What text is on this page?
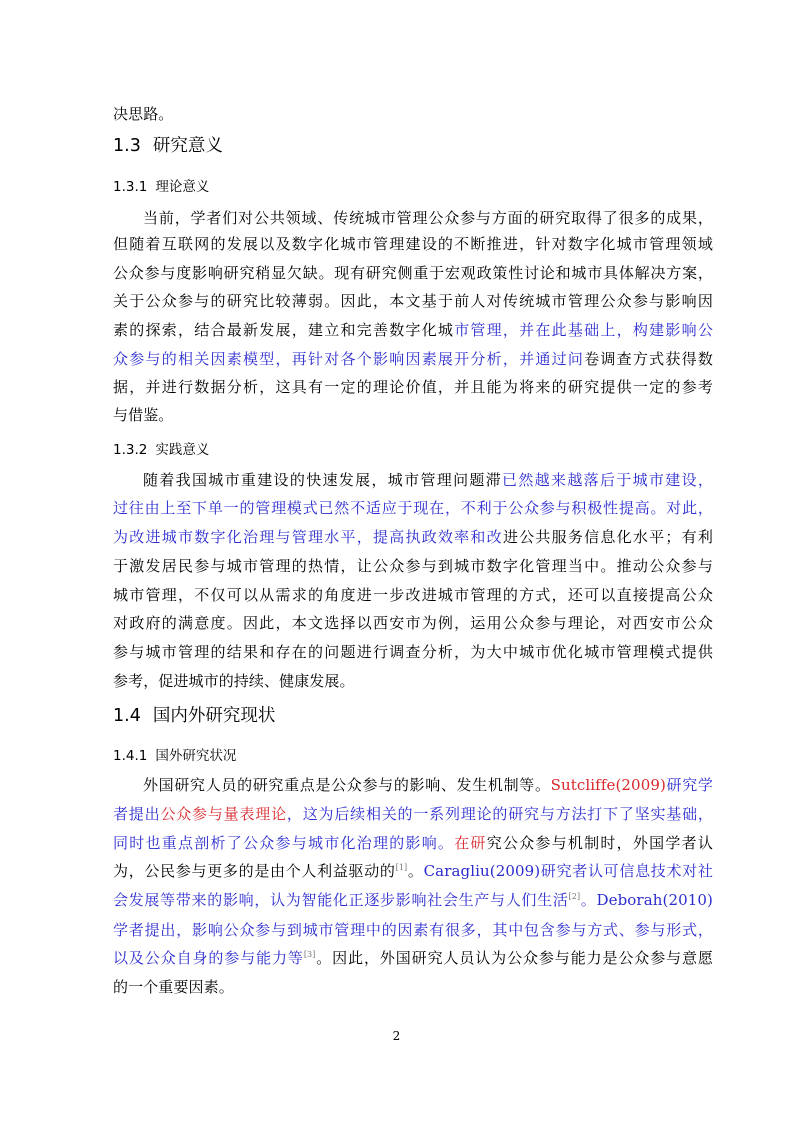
决思路。
1.3 研究意义
1.3.1 理论意义
当前，学者们对公共领域、传统城市管理公众参与方面的研究取得了很多的成果，
但随着互联网的发展以及数字化城市管理建设的不断推进，针对数字化城市管理领域
公众参与度影响研究稍显欠缺。现有研究侧重于宏观政策性讨论和城市具体解决方案，
关于公众参与的研究比较薄弱。因此，本文基于前人对传统城市管理公众参与影响因
素的探索，结合最新发展，建立和完善数字化城市管理，并在此基础上，构建影响公
众参与的相关因素模型，再针对各个影响因素展开分析，并通过问卷调查方式获得数
据，并进行数据分析，这具有一定的理论价值，并且能为将来的研究提供一定的参考
与借鉴。
1.3.2 实践意义
随着我国城市重建设的快速发展，城市管理问题滞已然越来越落后于城市建设，
过往由上至下单一的管理模式已然不适应于现在，不利于公众参与积极性提高。对此，
为改进城市数字化治理与管理水平，提高执政效率和改进公共服务信息化水平；有利
于激发居民参与城市管理的热情，让公众参与到城市数字化管理当中。推动公众参与
城市管理，不仅可以从需求的角度进一步改进城市管理的方式，还可以直接提高公众
对政府的满意度。因此，本文选择以西安市为例，运用公众参与理论，对西安市公众
参与城市管理的结果和存在的问题进行调查分析，为大中城市优化城市管理模式提供
参考，促进城市的持续、健康发展。
1.4 国内外研究现状
1.4.1 国外研究状况
外国研究人员的研究重点是公众参与的影响、发生机制等。Sutcliffe(2009)研究学
者提出公众参与量表理论，这为后续相关的一系列理论的研究与方法打下了坚实基础，
同时也重点剖析了公众参与城市化治理的影响。在研究公众参与机制时，外国学者认
为，公民参与更多的是由个人利益驱动的[1]。Caragliu(2009)研究者认可信息技术对社
会发展等带来的影响，认为智能化正逐步影响社会生产与人们生活[2]。Deborah(2010)
学者提出，影响公众参与到城市管理中的因素有很多，其中包含参与方式、参与形式，
以及公众自身的参与能力等[3]。因此，外国研究人员认为公众参与能力是公众参与意愿
的一个重要因素。
2
